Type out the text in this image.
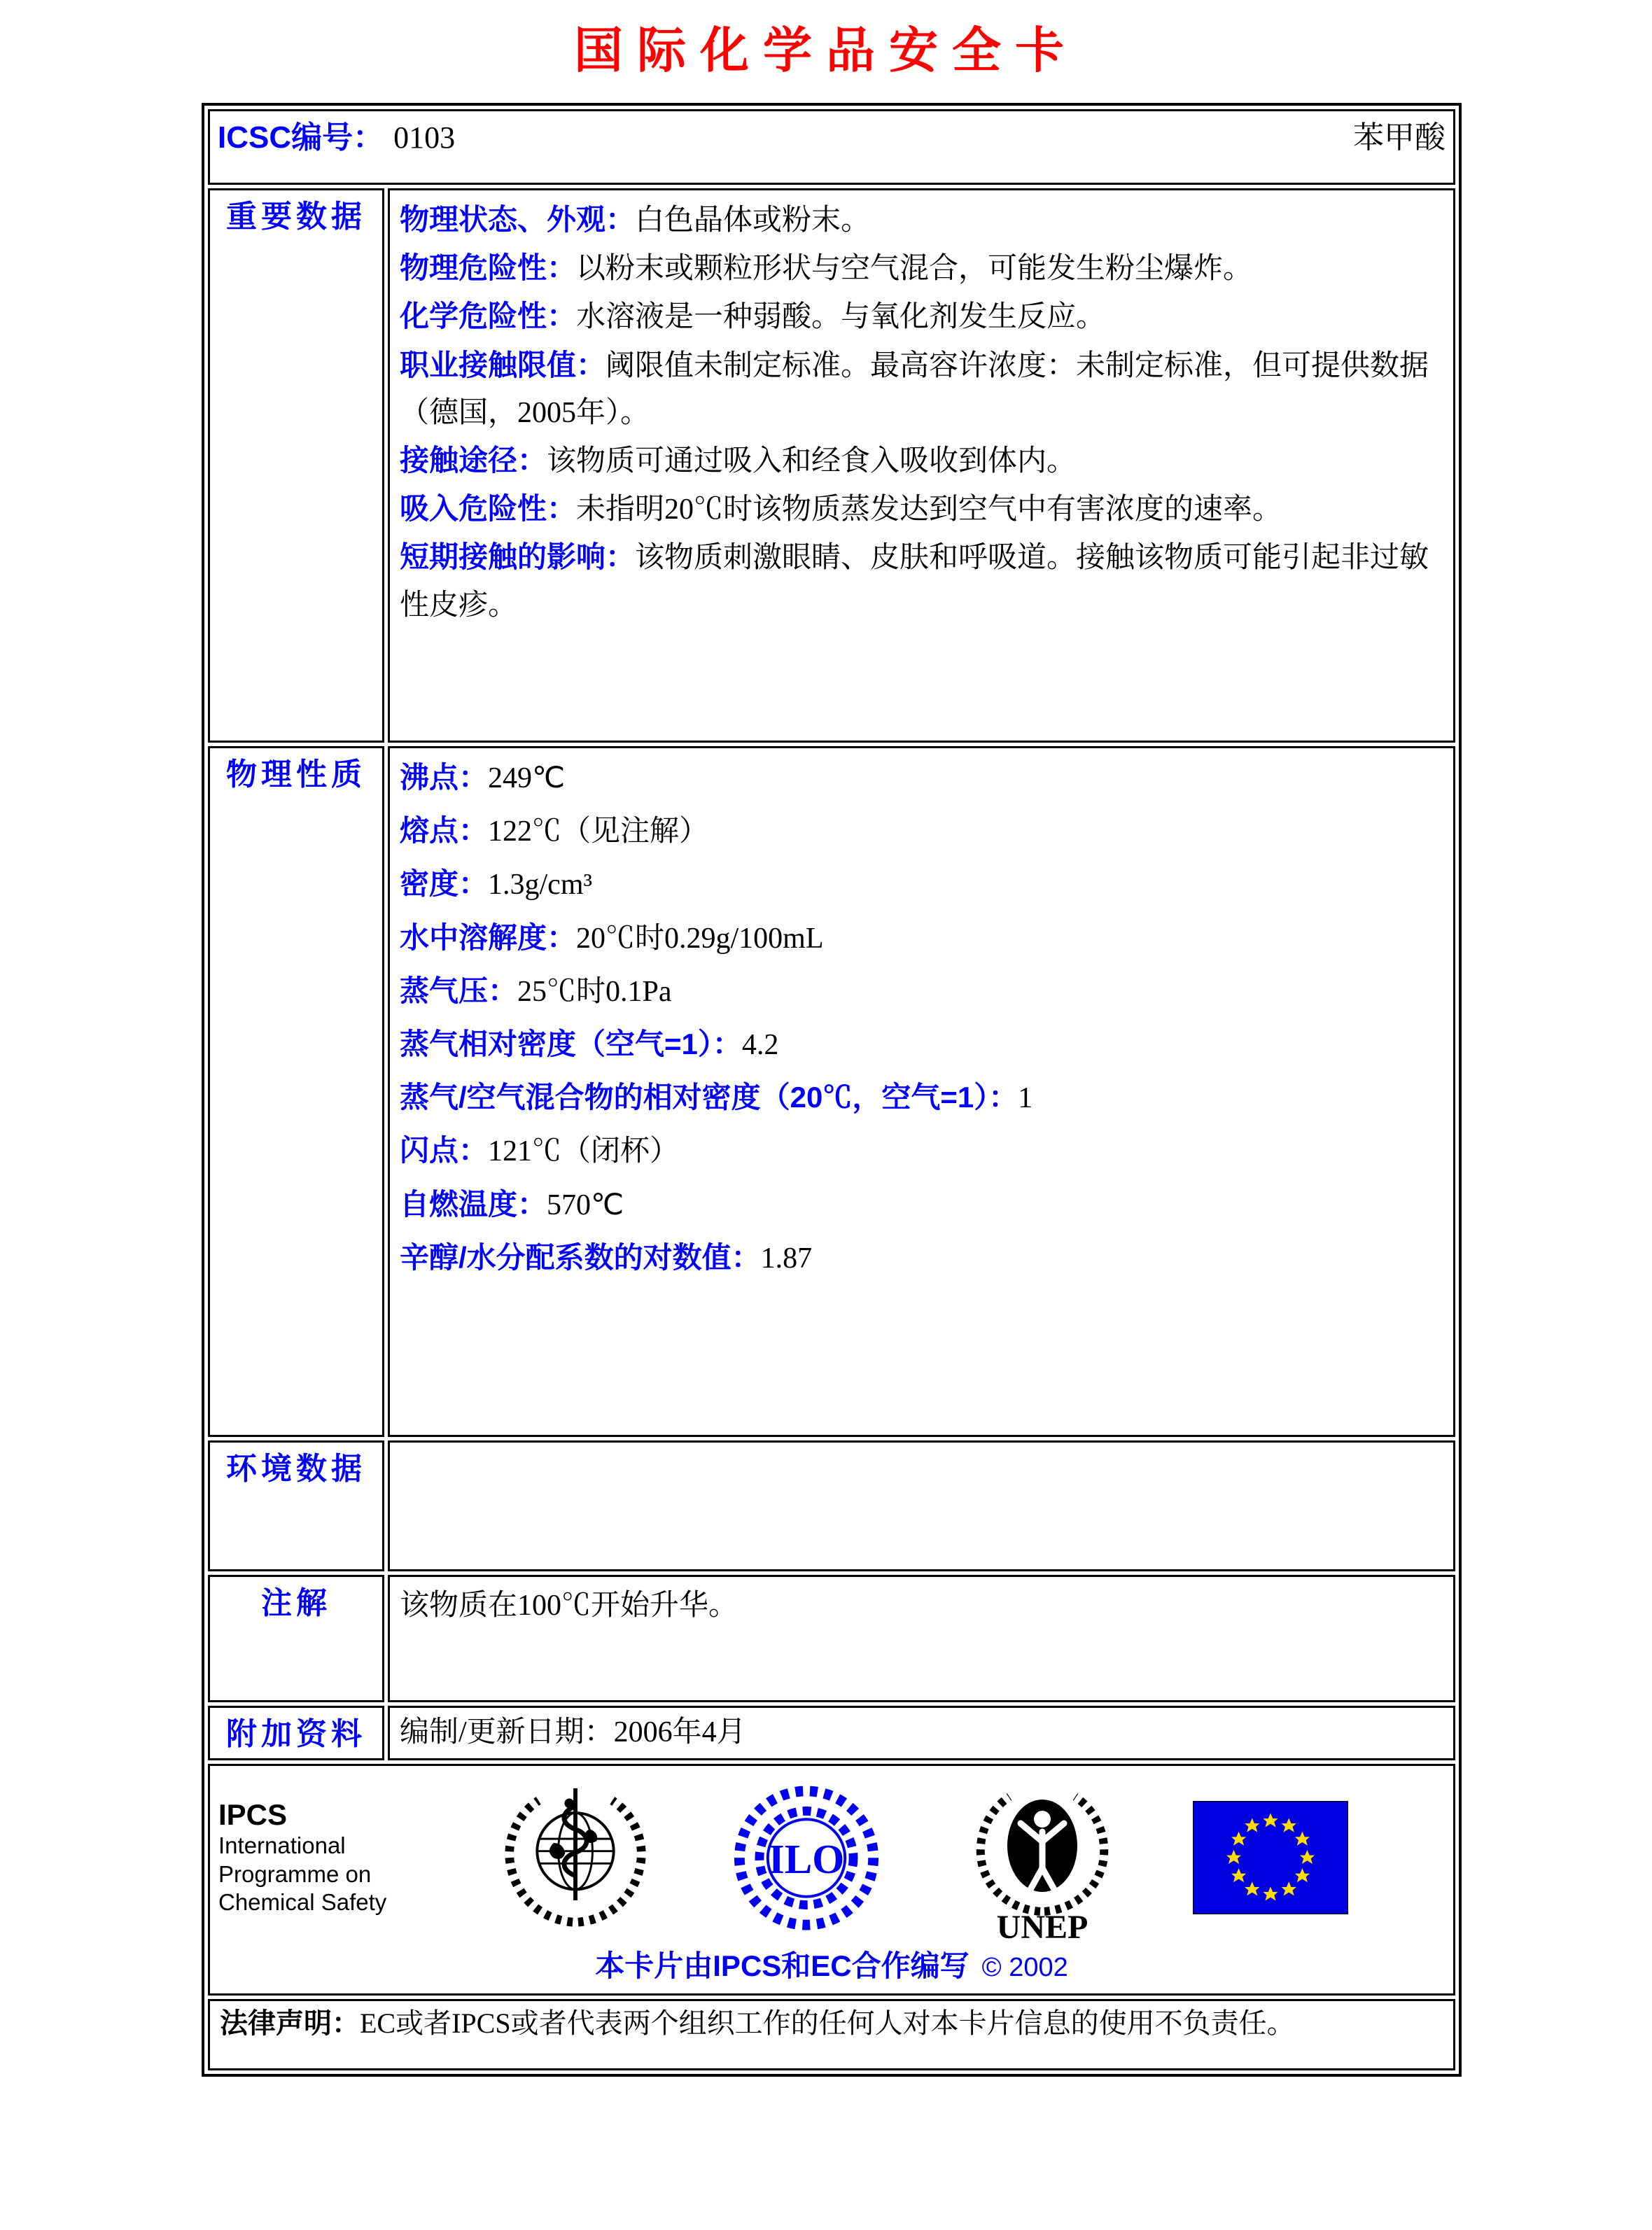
国际化学品安全卡
ICSC编号： 0103 苯甲酸	

重要数据	物理状态、外观：白色晶体或粉末。

物理危险性：以粉末或颗粒形状与空气混合，可能发生粉尘爆炸。

化学危险性：水溶液是一种弱酸。与氧化剂发生反应。

职业接触限值：阈限值未制定标准。最高容许浓度：未制定标准，但可提供数据（德国，2005年）。

接触途径：该物质可通过吸入和经食入吸收到体内。

吸入危险性：未指明20℃时该物质蒸发达到空气中有害浓度的速率。

短期接触的影响：该物质刺激眼睛、皮肤和呼吸道。接触该物质可能引起非过敏性皮疹。

物理性质	沸点：249℃

熔点：122℃（见注解）

密度：1.3g/cm³

水中溶解度：20℃时0.29g/100mL

蒸气压：25℃时0.1Pa

蒸气相对密度（空气=1）：4.2

蒸气/空气混合物的相对密度（20℃，空气=1）：1

闪点：121℃（闭杯）

自燃温度：570℃

辛醇/水分配系数的对数值：1.87

环境数据	

注解	该物质在100℃开始升华。

附加资料	编制/更新日期：2006年4月

IPCS
International
Programme on
Chemical Safety
ILO
UNEP
本卡片由IPCS和EC合作编写 © 2002

法律声明：EC或者IPCS或者代表两个组织工作的任何人对本卡片信息的使用不负责任。	
